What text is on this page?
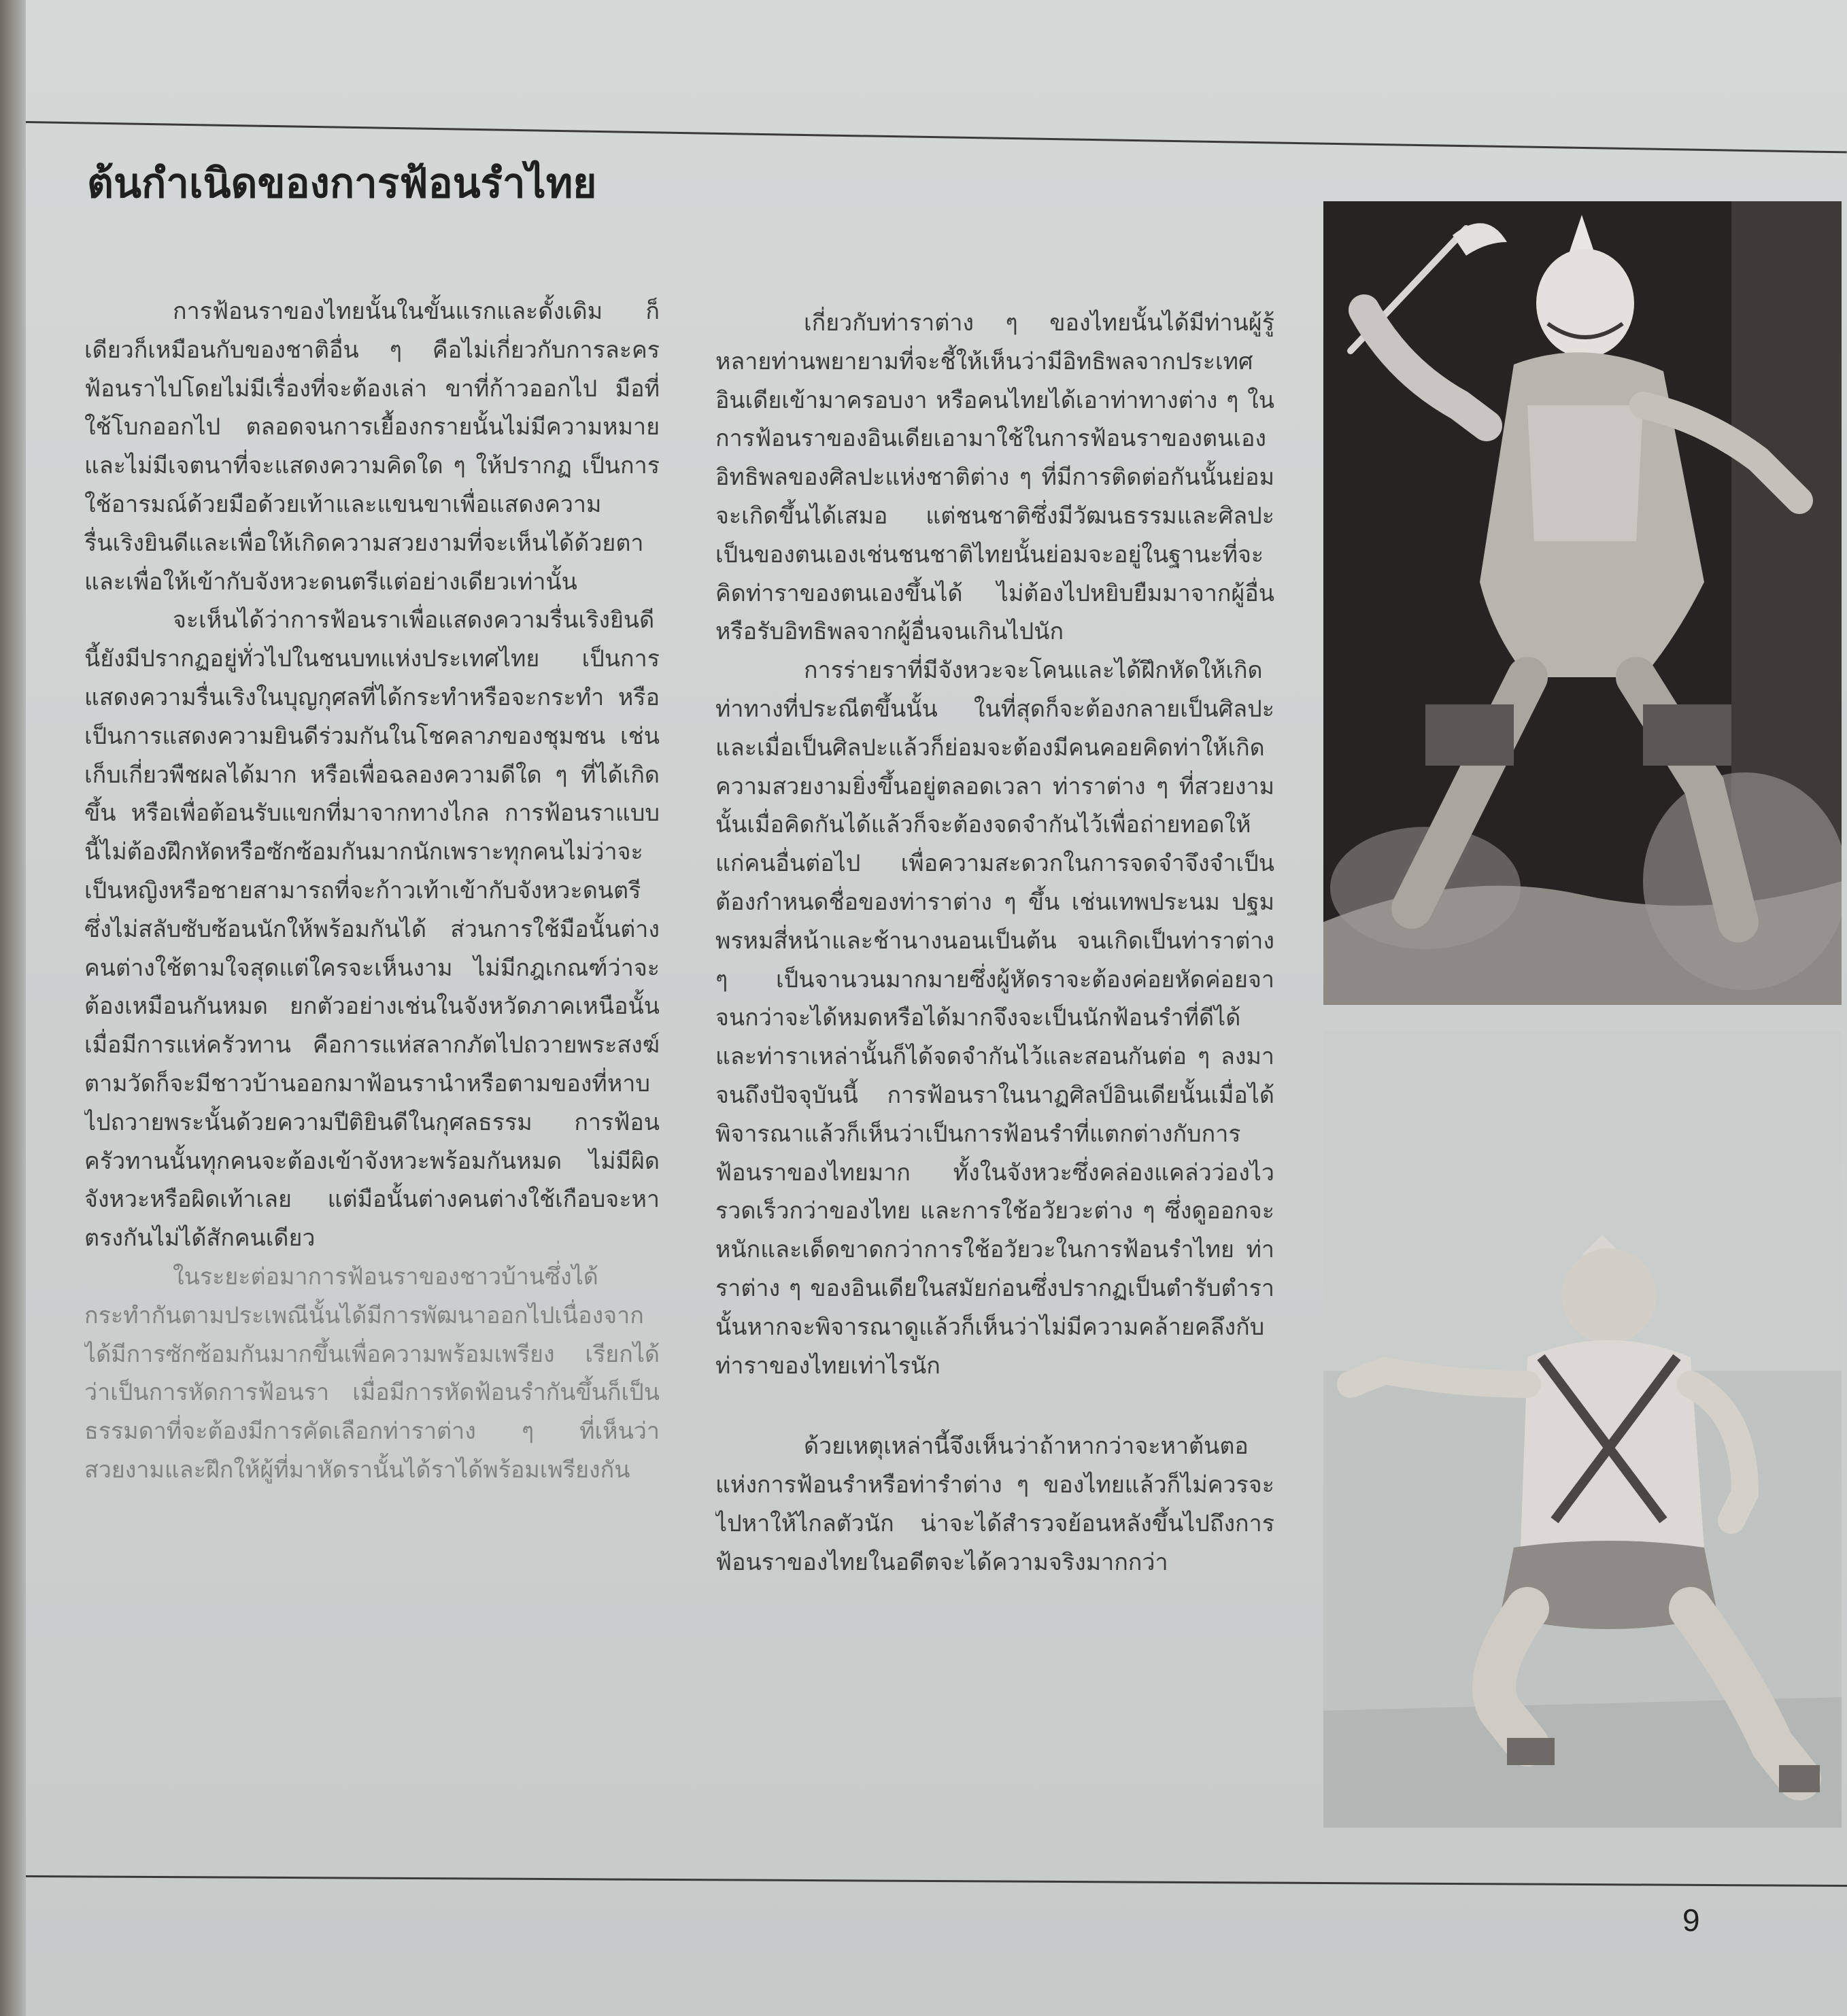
ต้นกำเนิดของการฟ้อนรำไทย

การฟ้อนราของไทยนั้นในขั้นแรกและดั้งเดิม ก็เดียวก็เหมือนกับของชาติอื่น ๆ คือไม่เกี่ยวกับการละคร ฟ้อนราไปโดยไม่มีเรื่องที่จะต้องเล่า ขาที่ก้าวออกไป มือที่ใช้โบกออกไป ตลอดจนการเยื้องกรายนั้นไม่มีความหมายและไม่มีเจตนาที่จะแสดงความคิดใด ๆ ให้ปรากฏ เป็นการใช้อารมณ์ด้วยมือด้วยเท้าและแขนขาเพื่อแสดงความรื่นเริงยินดีและเพื่อให้เกิดความสวยงามที่จะเห็นได้ด้วยตาและเพื่อให้เข้ากับจังหวะดนตรีแต่อย่างเดียวเท่านั้น

จะเห็นได้ว่าการฟ้อนราเพื่อแสดงความรื่นเริงยินดีนี้ยังมีปรากฏอยู่ทั่วไปในชนบทแห่งประเทศไทย เป็นการแสดงความรื่นเริงในบุญกุศลที่ได้กระทำหรือจะกระทำ หรือเป็นการแสดงความยินดีร่วมกันในโชคลาภของชุมชน เช่นเก็บเกี่ยวพืชผลได้มาก หรือเพื่อฉลองความดีใด ๆ ที่ได้เกิดขึ้น หรือเพื่อต้อนรับแขกที่มาจากทางไกล การฟ้อนราแบบนี้ไม่ต้องฝึกหัดหรือซักซ้อมกันมากนักเพราะทุกคนไม่ว่าจะเป็นหญิงหรือชายสามารถที่จะก้าวเท้าเข้ากับจังหวะดนตรีซึ่งไม่สลับซับซ้อนนักให้พร้อมกันได้ ส่วนการใช้มือนั้นต่างคนต่างใช้ตามใจสุดแต่ใครจะเห็นงาม ไม่มีกฎเกณฑ์ว่าจะต้องเหมือนกันหมด ยกตัวอย่างเช่นในจังหวัดภาคเหนือนั้นเมื่อมีการแห่ครัวทาน คือการแห่สลากภัตไปถวายพระสงฆ์ตามวัดก็จะมีชาวบ้านออกมาฟ้อนรานำหรือตามของที่หาบไปถวายพระนั้นด้วยความปีติยินดีในกุศลธรรม การฟ้อนครัวทานนั้นทุกคนจะต้องเข้าจังหวะพร้อมกันหมด ไม่มีผิดจังหวะหรือผิดเท้าเลย แต่มือนั้นต่างคนต่างใช้เกือบจะหาตรงกันไม่ได้สักคนเดียว

ในระยะต่อมาการฟ้อนราของชาวบ้านซึ่งได้กระทำกันตามประเพณีนั้นได้มีการพัฒนาออกไปเนื่องจากได้มีการซักซ้อมกันมากขึ้นเพื่อความพร้อมเพรียง เรียกได้ว่าเป็นการหัดการฟ้อนรา เมื่อมีการหัดฟ้อนรำกันขึ้นก็เป็นธรรมดาที่จะต้องมีการคัดเลือกท่าราต่าง ๆ ที่เห็นว่าสวยงามและฝึกให้ผู้ที่มาหัดรานั้นได้ราได้พร้อมเพรียงกัน

เกี่ยวกับท่าราต่าง ๆ ของไทยนั้นได้มีท่านผู้รู้หลายท่านพยายามที่จะชี้ให้เห็นว่ามีอิทธิพลจากประเทศอินเดียเข้ามาครอบงา หรือคนไทยได้เอาท่าทางต่าง ๆ ในการฟ้อนราของอินเดียเอามาใช้ในการฟ้อนราของตนเอง อิทธิพลของศิลปะแห่งชาติต่าง ๆ ที่มีการติดต่อกันนั้นย่อมจะเกิดขึ้นได้เสมอ แต่ชนชาติซึ่งมีวัฒนธรรมและศิลปะเป็นของตนเองเช่นชนชาติไทยนั้นย่อมจะอยู่ในฐานะที่จะคิดท่าราของตนเองขึ้นได้ ไม่ต้องไปหยิบยืมมาจากผู้อื่นหรือรับอิทธิพลจากผู้อื่นจนเกินไปนัก

การร่ายราที่มีจังหวะจะโคนและได้ฝึกหัดให้เกิดท่าทางที่ประณีตขึ้นนั้น ในที่สุดก็จะต้องกลายเป็นศิลปะ และเมื่อเป็นศิลปะแล้วก็ย่อมจะต้องมีคนคอยคิดท่าให้เกิดความสวยงามยิ่งขึ้นอยู่ตลอดเวลา ท่าราต่าง ๆ ที่สวยงามนั้นเมื่อคิดกันได้แล้วก็จะต้องจดจำกันไว้เพื่อถ่ายทอดให้แก่คนอื่นต่อไป เพื่อความสะดวกในการจดจำจึงจำเป็นต้องกำหนดชื่อของท่าราต่าง ๆ ขึ้น เช่นเทพประนม ปฐม พรหมสี่หน้าและช้านางนอนเป็นต้น จนเกิดเป็นท่าราต่าง ๆ เป็นจานวนมากมายซึ่งผู้หัดราจะต้องค่อยหัดค่อยจาจนกว่าจะได้หมดหรือได้มากจึงจะเป็นนักฟ้อนรำที่ดีได้ และท่าราเหล่านั้นก็ได้จดจำกันไว้และสอนกันต่อ ๆ ลงมาจนถึงปัจจุบันนี้ การฟ้อนราในนาฏศิลป์อินเดียนั้นเมื่อได้พิจารณาแล้วก็เห็นว่าเป็นการฟ้อนรำที่แตกต่างกับการฟ้อนราของไทยมาก ทั้งในจังหวะซึ่งคล่องแคล่วว่องไวรวดเร็วกว่าของไทย และการใช้อวัยวะต่าง ๆ ซึ่งดูออกจะหนักและเด็ดขาดกว่าการใช้อวัยวะในการฟ้อนรำไทย ท่าราต่าง ๆ ของอินเดียในสมัยก่อนซึ่งปรากฏเป็นตำรับตำรานั้นหากจะพิจารณาดูแล้วก็เห็นว่าไม่มีความคล้ายคลึงกับท่าราของไทยเท่าไรนัก

ด้วยเหตุเหล่านี้จึงเห็นว่าถ้าหากว่าจะหาต้นตอแห่งการฟ้อนรำหรือท่ารำต่าง ๆ ของไทยแล้วก็ไม่ควรจะไปหาให้ไกลตัวนัก น่าจะได้สำรวจย้อนหลังขึ้นไปถึงการฟ้อนราของไทยในอดีตจะได้ความจริงมากกว่า

9
